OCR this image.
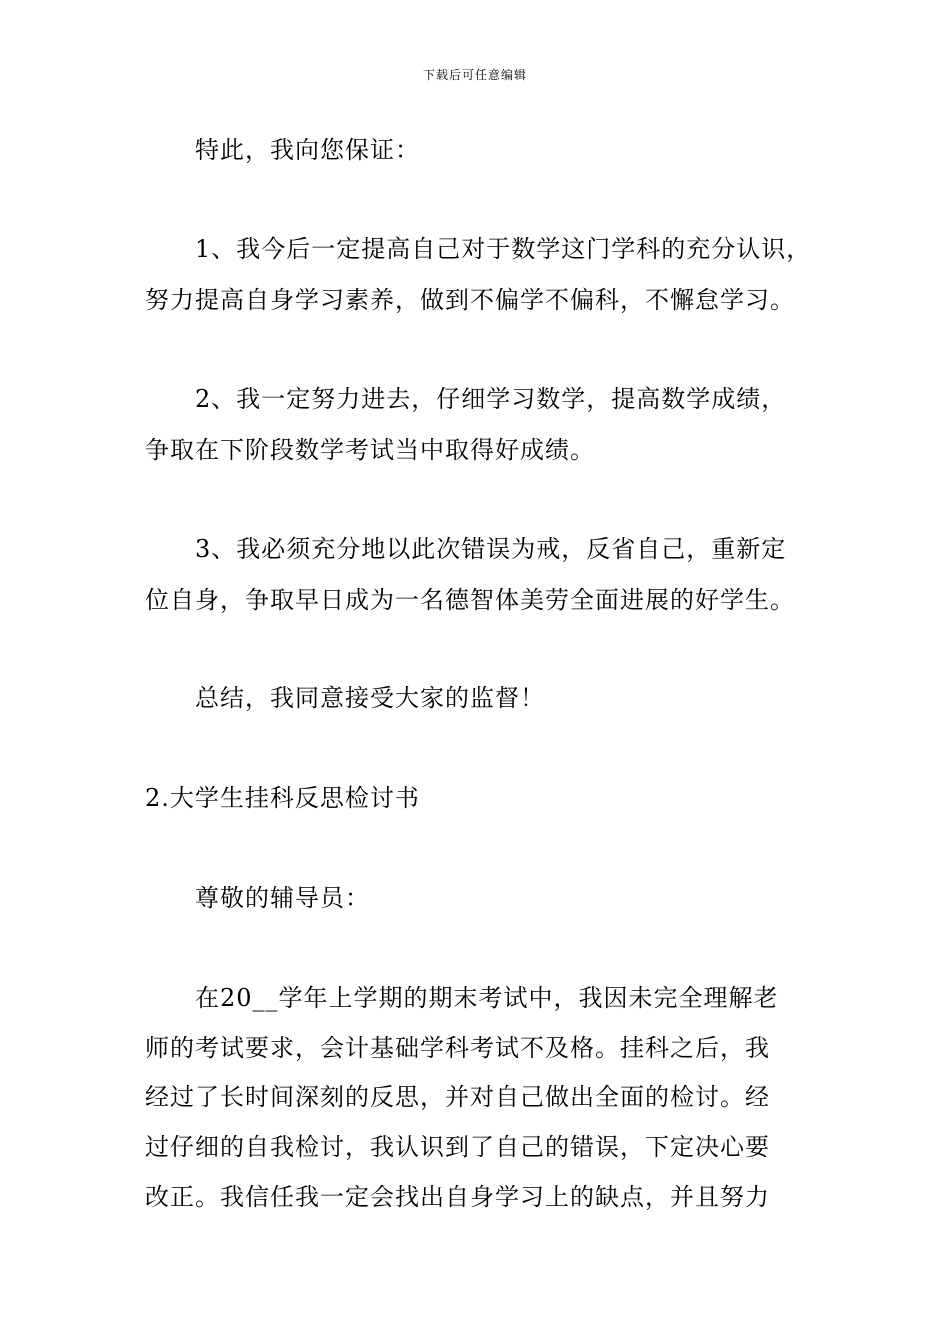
下载后可任意编辑
特此，我向您保证：
1、我今后一定提高自己对于数学这门学科的充分认识，
努力提高自身学习素养，做到不偏学不偏科，不懈怠学习。
2、我一定努力进去，仔细学习数学，提高数学成绩，
争取在下阶段数学考试当中取得好成绩。
3、我必须充分地以此次错误为戒，反省自己，重新定
位自身，争取早日成为一名德智体美劳全面进展的好学生。
总结，我同意接受大家的监督！
2.大学生挂科反思检讨书
尊敬的辅导员：
在20__学年上学期的期末考试中，我因未完全理解老
师的考试要求，会计基础学科考试不及格。挂科之后，我
经过了长时间深刻的反思，并对自己做出全面的检讨。经
过仔细的自我检讨，我认识到了自己的错误，下定决心要
改正。我信任我一定会找出自身学习上的缺点，并且努力
